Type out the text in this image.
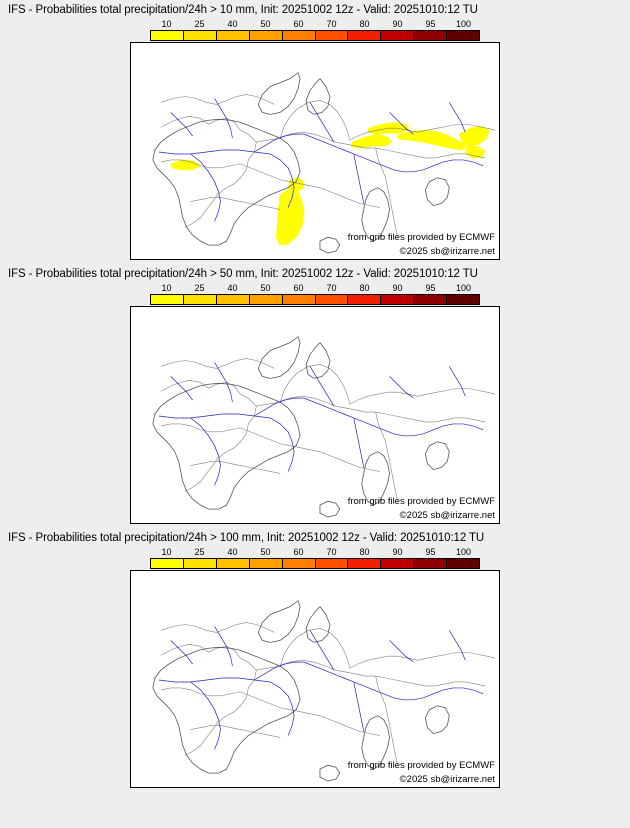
IFS - Probabilities total precipitation/24h > 10 mm, Init: 20251002 12z - Valid: 20251010:12 TU
10	25	40	50	60	70	80	90	95 100
from grib files provided by ECMWF
©2025 sb@irizarre.net
IFS - Probabilities total precipitation/24h > 50 mm, Init: 20251002 12z - Valid: 20251010:12 TU
10	25	40	50	60	70	80	90	95 100
from grib files provided by ECMWF
©2025 sb@irizarre.net
IFS - Probabilities total precipitation/24h > 100 mm, Init: 20251002 12z - Valid: 20251010:12 TU
10	25	40	50	60	70	80	90	95 100
from grib files provided by ECMWF
©2025 sb@irizarre.net
